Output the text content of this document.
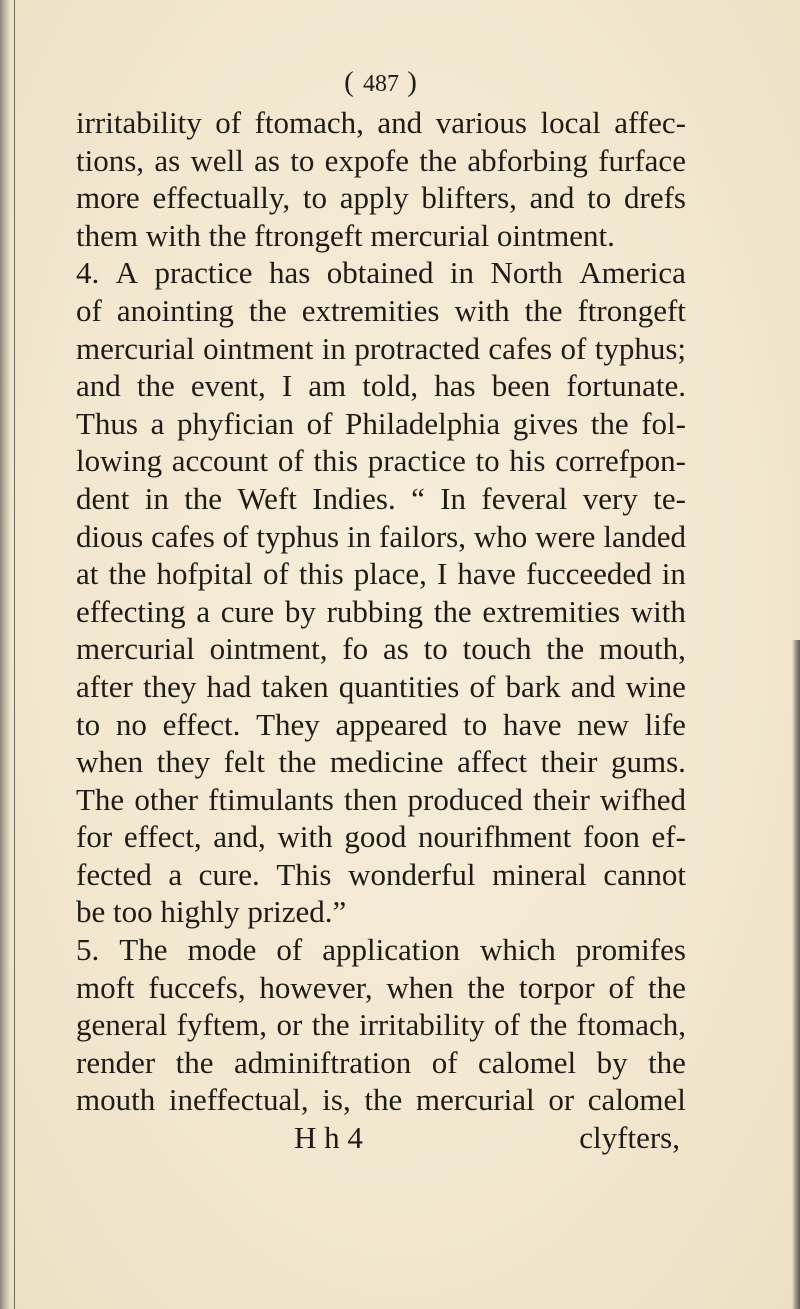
( 487 )
irritability of ftomach, and various local affec-
tions, as well as to expofe the abforbing furface
more effectually, to apply blifters, and to drefs
them with the ftrongeft mercurial ointment.
4. A practice has obtained in North America
of anointing the extremities with the ftrongeft
mercurial ointment in protracted cafes of typhus;
and the event, I am told, has been fortunate.
Thus a phyfician of Philadelphia gives the fol-
lowing account of this practice to his correfpon-
dent in the Weft Indies. “ In feveral very te-
dious cafes of typhus in failors, who were landed
at the hofpital of this place, I have fucceeded in
effecting a cure by rubbing the extremities with
mercurial ointment, fo as to touch the mouth,
after they had taken quantities of bark and wine
to no effect. They appeared to have new life
when they felt the medicine affect their gums.
The other ftimulants then produced their wifhed
for effect, and, with good nourifhment foon ef-
fected a cure. This wonderful mineral cannot
be too highly prized.”
5. The mode of application which promifes
moft fuccefs, however, when the torpor of the
general fyftem, or the irritability of the ftomach,
render the adminiftration of calomel by the
mouth ineffectual, is, the mercurial or calomel
H h 4	clyfters,
